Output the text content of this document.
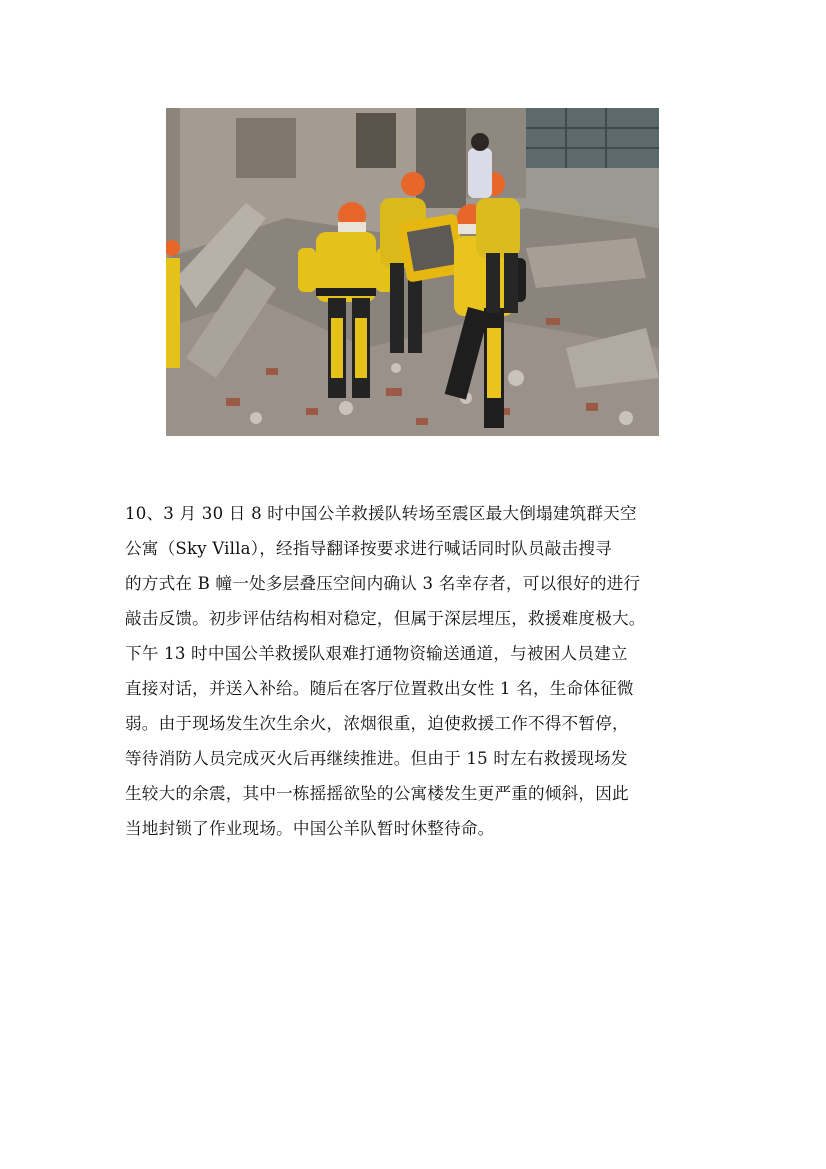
10、3 月 30 日 8 时中国公羊救援队转场至震区最大倒塌建筑群天空
公寓（Sky Villa），经指导翻译按要求进行喊话同时队员敲击搜寻
的方式在 B 幢一处多层叠压空间内确认 3 名幸存者，可以很好的进行
敲击反馈。初步评估结构相对稳定，但属于深层埋压，救援难度极大。
下午 13 时中国公羊救援队艰难打通物资输送通道，与被困人员建立
直接对话，并送入补给。随后在客厅位置救出女性 1 名，生命体征微
弱。由于现场发生次生余火，浓烟很重，迫使救援工作不得不暂停，
等待消防人员完成灭火后再继续推进。但由于 15 时左右救援现场发
生较大的余震，其中一栋摇摇欲坠的公寓楼发生更严重的倾斜，因此
当地封锁了作业现场。中国公羊队暂时休整待命。
